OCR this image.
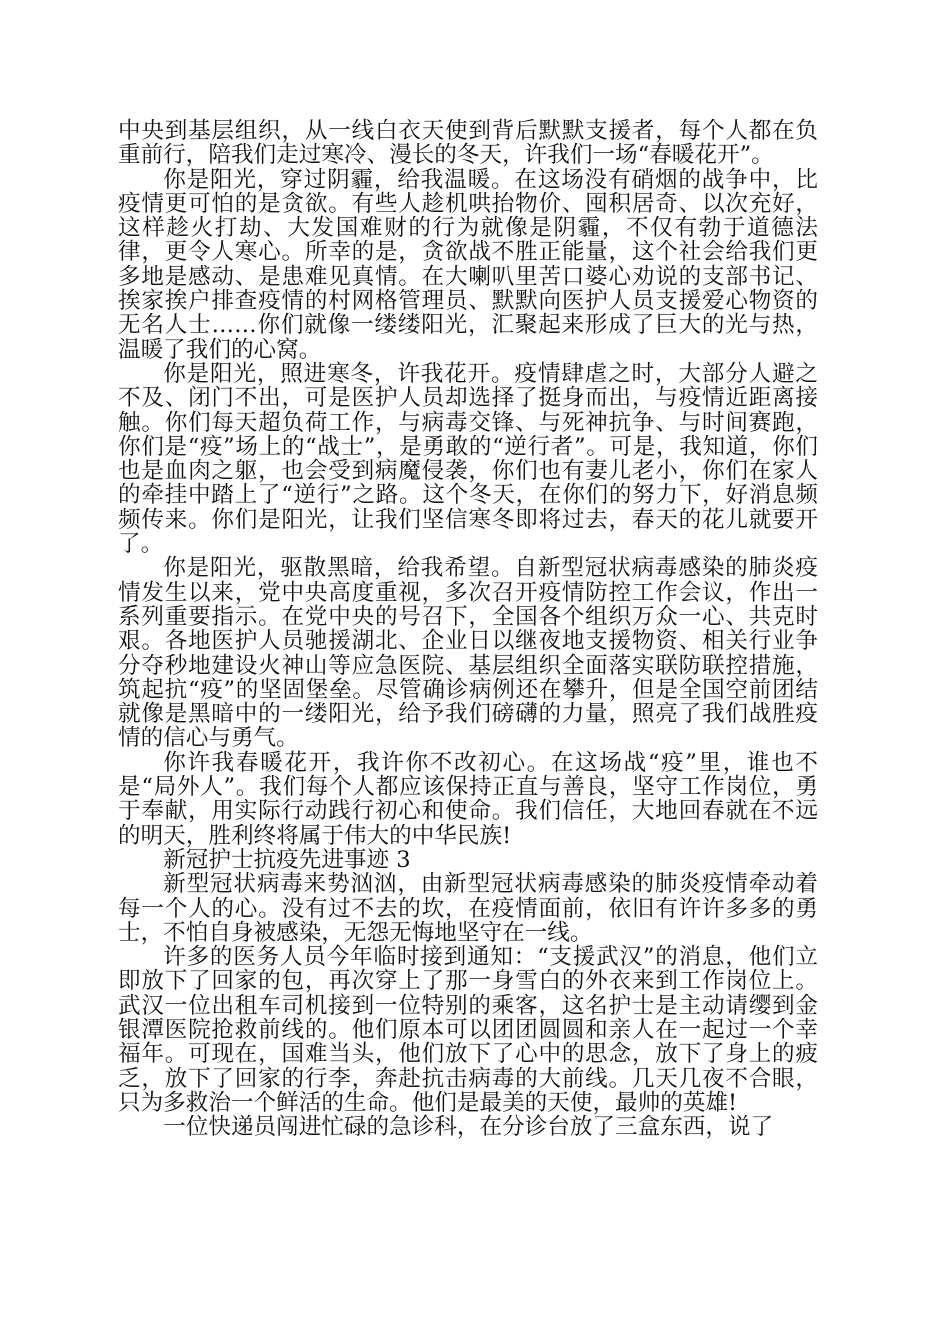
中央到基层组织，从一线白衣天使到背后默默支援者，每个人都在负重前行，陪我们走过寒冷、漫长的冬天，许我们一场“春暖花开”。

你是阳光，穿过阴霾，给我温暖。在这场没有硝烟的战争中，比疫情更可怕的是贪欲。有些人趁机哄抬物价、囤积居奇、以次充好，这样趁火打劫、大发国难财的行为就像是阴霾，不仅有勃于道德法律，更令人寒心。所幸的是，贪欲战不胜正能量，这个社会给我们更多地是感动、是患难见真情。在大喇叭里苦口婆心劝说的支部书记、挨家挨户排查疫情的村网格管理员、默默向医护人员支援爱心物资的无名人士……你们就像一缕缕阳光，汇聚起来形成了巨大的光与热，温暖了我们的心窝。

你是阳光，照进寒冬，许我花开。疫情肆虐之时，大部分人避之不及、闭门不出，可是医护人员却选择了挺身而出，与疫情近距离接触。你们每天超负荷工作，与病毒交锋、与死神抗争、与时间赛跑，你们是“疫”场上的“战士”，是勇敢的“逆行者”。可是，我知道，你们也是血肉之躯，也会受到病魔侵袭，你们也有妻儿老小，你们在家人的牵挂中踏上了“逆行”之路。这个冬天，在你们的努力下，好消息频频传来。你们是阳光，让我们坚信寒冬即将过去，春天的花儿就要开了。

你是阳光，驱散黑暗，给我希望。自新型冠状病毒感染的肺炎疫情发生以来，党中央高度重视，多次召开疫情防控工作会议，作出一系列重要指示。在党中央的号召下，全国各个组织万众一心、共克时艰。各地医护人员驰援湖北、企业日以继夜地支援物资、相关行业争分夺秒地建设火神山等应急医院、基层组织全面落实联防联控措施，筑起抗“疫”的坚固堡垒。尽管确诊病例还在攀升，但是全国空前团结就像是黑暗中的一缕阳光，给予我们磅礴的力量，照亮了我们战胜疫情的信心与勇气。

你许我春暖花开，我许你不改初心。在这场战“疫”里，谁也不是“局外人”。我们每个人都应该保持正直与善良，坚守工作岗位，勇于奉献，用实际行动践行初心和使命。我们信任，大地回春就在不远的明天，胜利终将属于伟大的中华民族!

新冠护士抗疫先进事迹 3

新型冠状病毒来势汹汹，由新型冠状病毒感染的肺炎疫情牵动着每一个人的心。没有过不去的坎，在疫情面前，依旧有许许多多的勇士，不怕自身被感染，无怨无悔地坚守在一线。

许多的医务人员今年临时接到通知：“支援武汉”的消息，他们立即放下了回家的包，再次穿上了那一身雪白的外衣来到工作岗位上。武汉一位出租车司机接到一位特别的乘客，这名护士是主动请缨到金银潭医院抢救前线的。他们原本可以团团圆圆和亲人在一起过一个幸福年。可现在，国难当头，他们放下了心中的思念，放下了身上的疲乏，放下了回家的行李，奔赴抗击病毒的大前线。几天几夜不合眼，只为多救治一个鲜活的生命。他们是最美的天使，最帅的英雄!

一位快递员闯进忙碌的急诊科，在分诊台放了三盒东西，说了
